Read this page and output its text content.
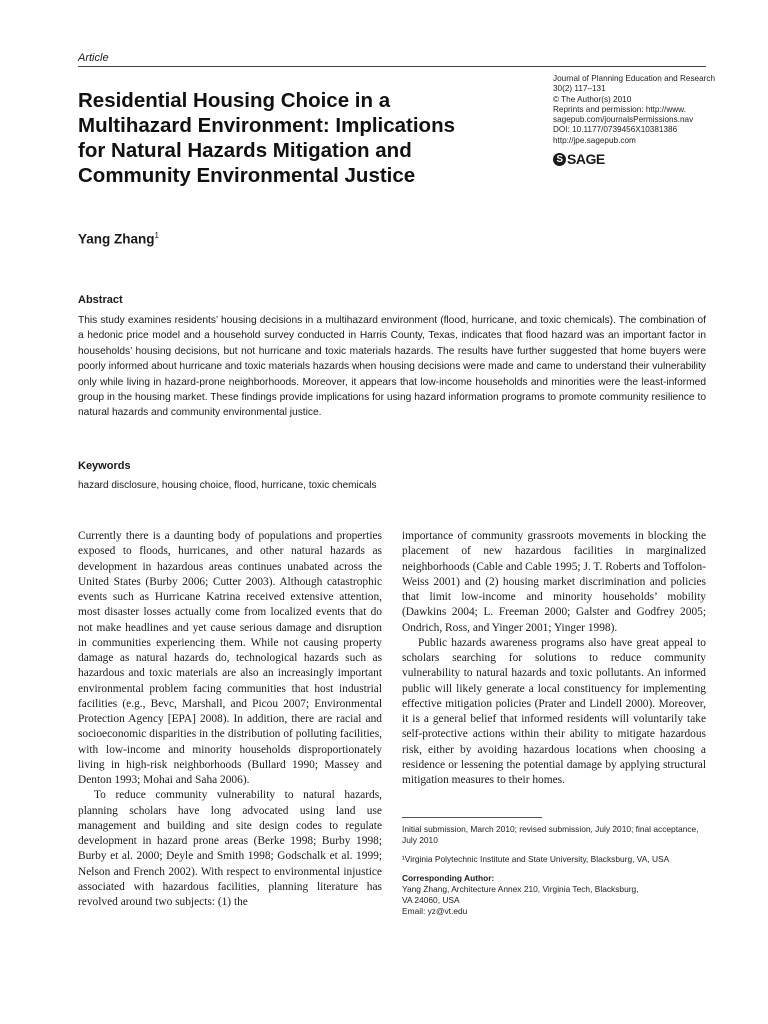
Article
Residential Housing Choice in a
Multihazard Environment: Implications
for Natural Hazards Mitigation and
Community Environmental Justice
Journal of Planning Education and Research
30(2) 117–131
© The Author(s) 2010
Reprints and permission: http://www.
sagepub.com/journalsPermissions.nav
DOI: 10.1177/0739456X10381386
http://jpe.sagepub.com
S SAGE
Yang Zhang$^1$
Abstract

This study examines residents’ housing decisions in a multihazard environment (flood, hurricane, and toxic chemicals). The combination of a hedonic price model and a household survey conducted in Harris County, Texas, indicates that flood hazard was an important factor in households’ housing decisions, but not hurricane and toxic materials hazards. The results have further suggested that home buyers were poorly informed about hurricane and toxic materials hazards when housing decisions were made and came to understand their vulnerability only while living in hazard-prone neighborhoods. Moreover, it appears that low-income households and minorities were the least-informed group in the housing market. These findings provide implications for using hazard information programs to promote community resilience to natural hazards and community environmental justice.

Keywords
hazard disclosure, housing choice, flood, hurricane, toxic chemicals

Currently there is a daunting body of populations and properties exposed to floods, hurricanes, and other natural hazards as development in hazardous areas continues unabated across the United States (Burby 2006; Cutter 2003). Although catastrophic events such as Hurricane Katrina received extensive attention, most disaster losses actually come from localized events that do not make headlines and yet cause serious damage and disruption in communities experiencing them. While not causing property damage as natural hazards do, technological hazards such as hazardous and toxic materials are also an increasingly important environmental problem facing communities that host industrial facilities (e.g., Bevc, Marshall, and Picou 2007; Environmental Protection Agency [EPA] 2008). In addition, there are racial and socioeconomic disparities in the distribution of polluting facilities, with low-income and minority households disproportionately living in high-risk neighborhoods (Bullard 1990; Massey and Denton 1993; Mohai and Saha 2006).

To reduce community vulnerability to natural hazards, planning scholars have long advocated using land use management and building and site design codes to regulate development in hazard prone areas (Berke 1998; Burby 1998; Burby et al. 2000; Deyle and Smith 1998; Godschalk et al. 1999; Nelson and French 2002). With respect to environmental injustice associated with hazardous facilities, planning literature has revolved around two subjects: (1) the

importance of community grassroots movements in blocking the placement of new hazardous facilities in marginalized neighborhoods (Cable and Cable 1995; J. T. Roberts and Toffolon-Weiss 2001) and (2) housing market discrimination and policies that limit low-income and minority households’ mobility (Dawkins 2004; L. Freeman 2000; Galster and Godfrey 2005; Ondrich, Ross, and Yinger 2001; Yinger 1998).

Public hazards awareness programs also have great appeal to scholars searching for solutions to reduce community vulnerability to natural hazards and toxic pollutants. An informed public will likely generate a local constituency for implementing effective mitigation policies (Prater and Lindell 2000). Moreover, it is a general belief that informed residents will voluntarily take self-protective actions within their ability to mitigate hazardous risk, either by avoiding hazardous locations when choosing a residence or lessening the potential damage by applying structural mitigation measures to their homes.

Initial submission, March 2010; revised submission, July 2010; final acceptance, July 2010

¹Virginia Polytechnic Institute and State University, Blacksburg, VA, USA

Corresponding Author:

Yang Zhang, Architecture Annex 210, Virginia Tech, Blacksburg,

VA 24060, USA

Email: yz@vt.edu
